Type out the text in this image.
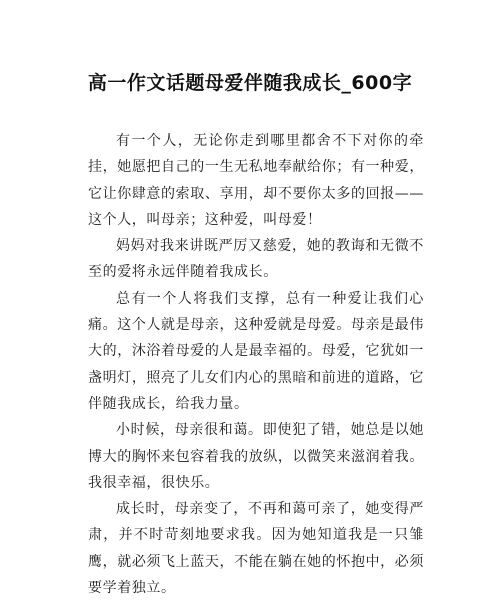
高一作文话题母爱伴随我成长_600字

有一个人，无论你走到哪里都舍不下对你的牵挂，她愿把自己的一生无私地奉献给你；有一种爱，它让你肆意的索取、享用，却不要你太多的回报——这个人，叫母亲；这种爱，叫母爱！

妈妈对我来讲既严厉又慈爱，她的教诲和无微不至的爱将永远伴随着我成长。

总有一个人将我们支撑，总有一种爱让我们心痛。这个人就是母亲，这种爱就是母爱。母亲是最伟大的，沐浴着母爱的人是最幸福的。母爱，它犹如一盏明灯，照亮了儿女们内心的黑暗和前进的道路，它伴随我成长，给我力量。

小时候，母亲很和蔼。即使犯了错，她总是以她博大的胸怀来包容着我的放纵，以微笑来滋润着我。我很幸福，很快乐。

成长时，母亲变了，不再和蔼可亲了，她变得严肃，并不时苛刻地要求我。因为她知道我是一只雏鹰，就必须飞上蓝天，不能在躺在她的怀抱中，必须要学着独立。
